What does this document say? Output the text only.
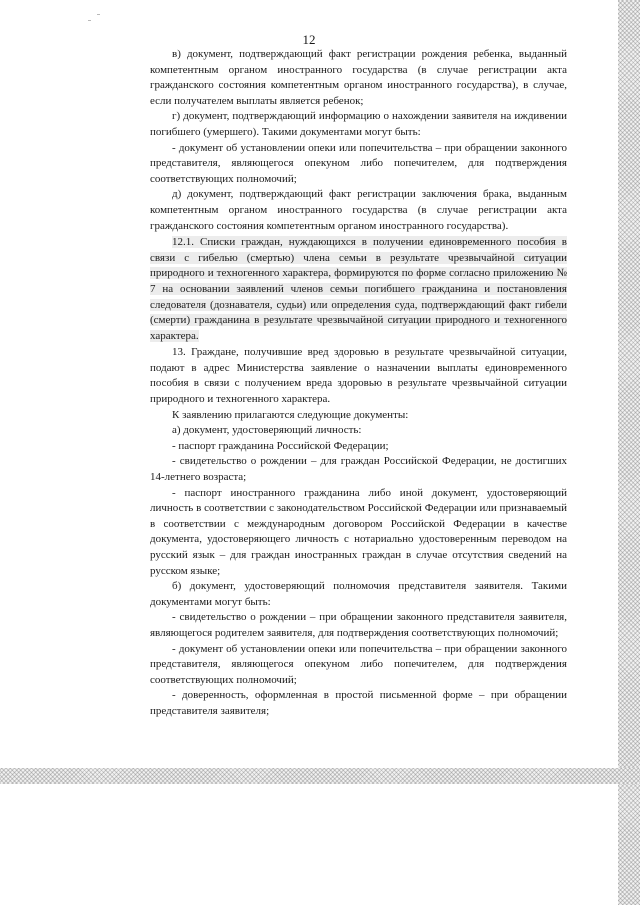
12

в) документ, подтверждающий факт регистрации рождения ребенка, выданный компетентным органом иностранного государства (в случае регистрации акта гражданского состояния компетентным органом иностранного государства), в случае, если получателем выплаты является ребенок;

г) документ, подтверждающий информацию о нахождении заявителя на иждивении погибшего (умершего). Такими документами могут быть:

- документ об установлении опеки или попечительства – при обращении законного представителя, являющегося опекуном либо попечителем, для подтверждения соответствующих полномочий;

д) документ, подтверждающий факт регистрации заключения брака, выданным компетентным органом иностранного государства (в случае регистрации акта гражданского состояния компетентным органом иностранного государства).

12.1. Списки граждан, нуждающихся в получении единовременного пособия в связи с гибелью (смертью) члена семьи в результате чрезвычайной ситуации природного и техногенного характера, формируются по форме согласно приложению № 7 на основании заявлений членов семьи погибшего гражданина и постановления следователя (дознавателя, судьи) или определения суда, подтверждающий факт гибели (смерти) гражданина в результате чрезвычайной ситуации природного и техногенного характера.

13. Граждане, получившие вред здоровью в результате чрезвычайной ситуации, подают в адрес Министерства заявление о назначении выплаты единовременного пособия в связи с получением вреда здоровью в результате чрезвычайной ситуации природного и техногенного характера.

К заявлению прилагаются следующие документы:

а) документ, удостоверяющий личность:

- паспорт гражданина Российской Федерации;

- свидетельство о рождении – для граждан Российской Федерации, не достигших 14-летнего возраста;

- паспорт иностранного гражданина либо иной документ, удостоверяющий личность в соответствии с законодательством Российской Федерации или признаваемый в соответствии с международным договором Российской Федерации в качестве документа, удостоверяющего личность с нотариально удостоверенным переводом на русский язык – для граждан иностранных граждан в случае отсутствия сведений на русском языке;

б) документ, удостоверяющий полномочия представителя заявителя. Такими документами могут быть:

- свидетельство о рождении – при обращении законного представителя заявителя, являющегося родителем заявителя, для подтверждения соответствующих полномочий;

- документ об установлении опеки или попечительства – при обращении законного представителя, являющегося опекуном либо попечителем, для подтверждения соответствующих полномочий;

- доверенность, оформленная в простой письменной форме – при обращении представителя заявителя;
